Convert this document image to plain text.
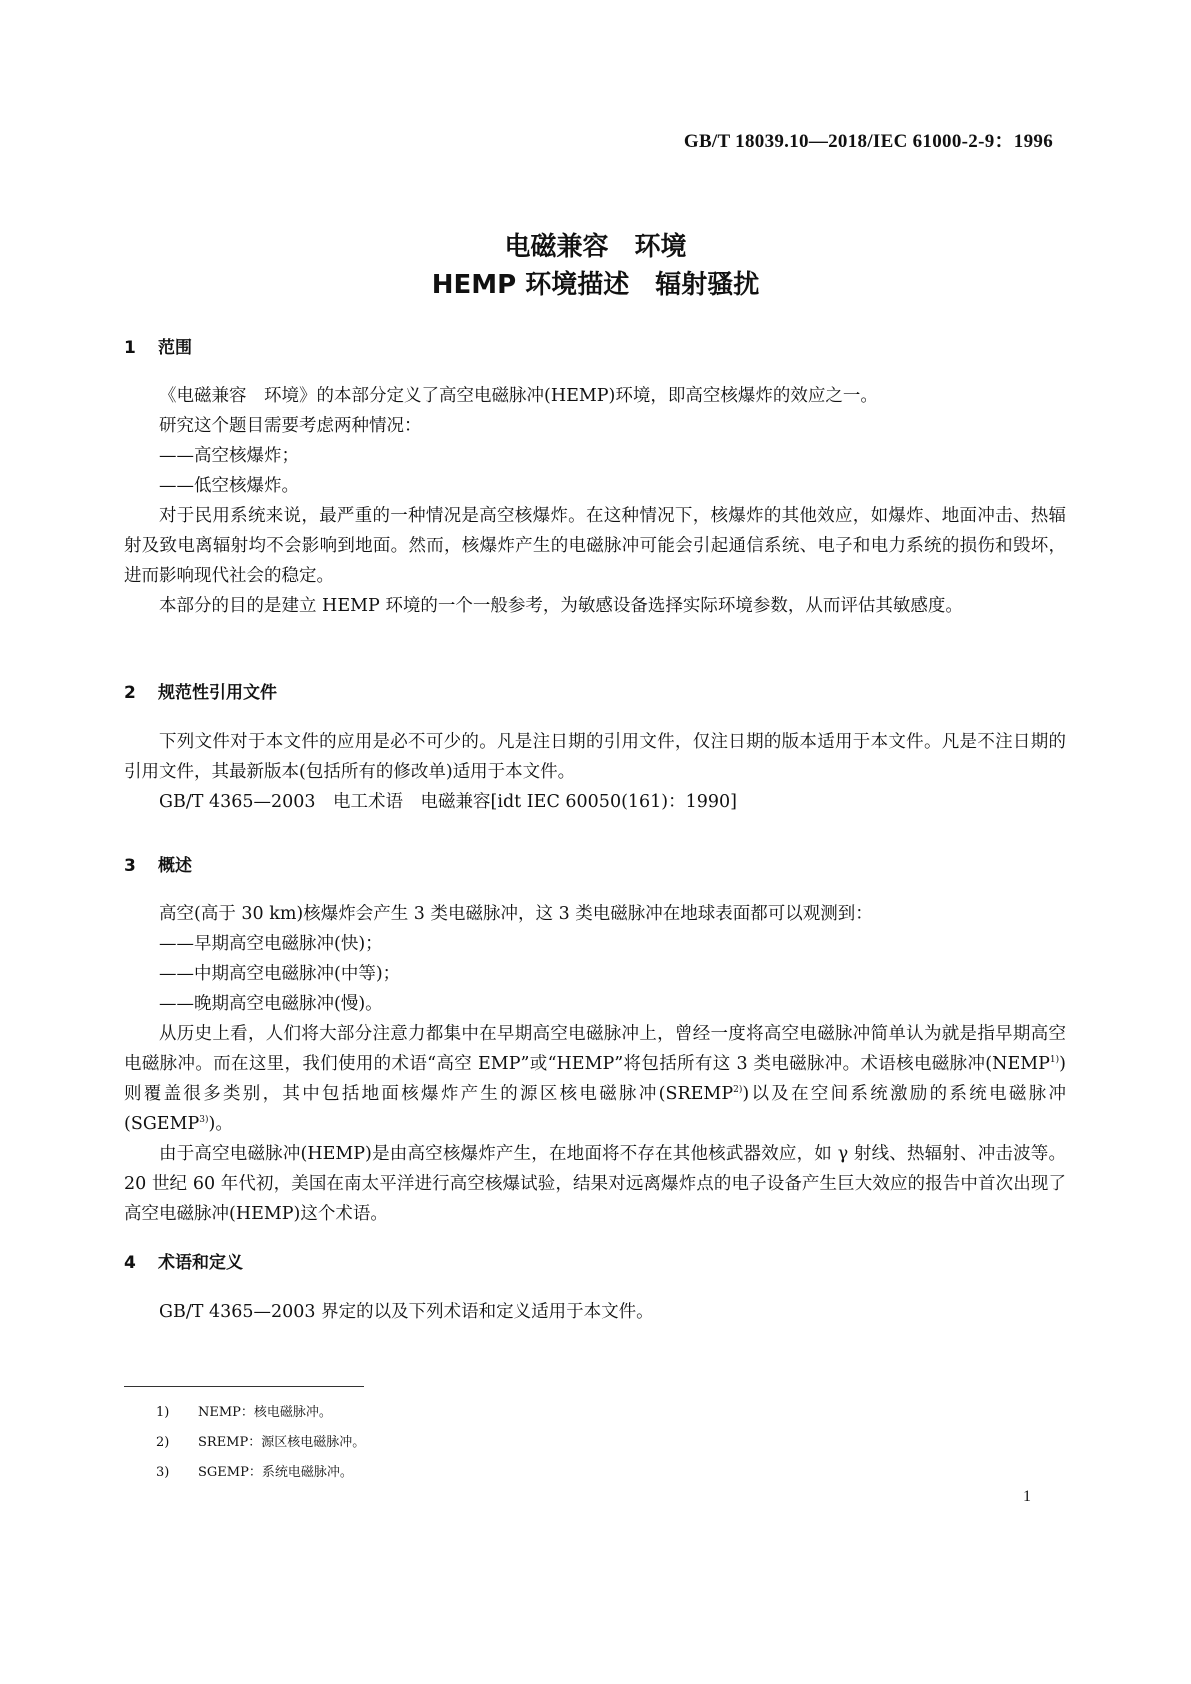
GB/T 18039.10—2018/IEC 61000-2-9：1996
电磁兼容　环境
HEMP 环境描述　辐射骚扰
1 范围

《电磁兼容　环境》的本部分定义了高空电磁脉冲(HEMP)环境，即高空核爆炸的效应之一。

研究这个题目需要考虑两种情况：

——高空核爆炸；

——低空核爆炸。

对于民用系统来说，最严重的一种情况是高空核爆炸。在这种情况下，核爆炸的其他效应，如爆炸、地面冲击、热辐射及致电离辐射均不会影响到地面。然而，核爆炸产生的电磁脉冲可能会引起通信系统、电子和电力系统的损伤和毁坏，进而影响现代社会的稳定。

本部分的目的是建立 HEMP 环境的一个一般参考，为敏感设备选择实际环境参数，从而评估其敏感度。

2 规范性引用文件

下列文件对于本文件的应用是必不可少的。凡是注日期的引用文件，仅注日期的版本适用于本文件。凡是不注日期的引用文件，其最新版本(包括所有的修改单)适用于本文件。

GB/T 4365—2003　电工术语　电磁兼容[idt IEC 60050(161)：1990]

3 概述

高空(高于 30 km)核爆炸会产生 3 类电磁脉冲，这 3 类电磁脉冲在地球表面都可以观测到：

——早期高空电磁脉冲(快)；

——中期高空电磁脉冲(中等)；

——晚期高空电磁脉冲(慢)。

从历史上看，人们将大部分注意力都集中在早期高空电磁脉冲上，曾经一度将高空电磁脉冲简单认为就是指早期高空电磁脉冲。而在这里，我们使用的术语“高空 EMP”或“HEMP”将包括所有这 3 类电磁脉冲。术语核电磁脉冲(NEMP$^{1)}$)则覆盖很多类别，其中包括地面核爆炸产生的源区核电磁脉冲(SREMP$^{2)}$)以及在空间系统激励的系统电磁脉冲(SGEMP$^{3)}$)。

由于高空电磁脉冲(HEMP)是由高空核爆炸产生，在地面将不存在其他核武器效应，如 γ 射线、热辐射、冲击波等。20 世纪 60 年代初，美国在南太平洋进行高空核爆试验，结果对远离爆炸点的电子设备产生巨大效应的报告中首次出现了高空电磁脉冲(HEMP)这个术语。

4 术语和定义

GB/T 4365—2003 界定的以及下列术语和定义适用于本文件。

1) NEMP：核电磁脉冲。
2) SREMP：源区核电磁脉冲。
3) SGEMP：系统电磁脉冲。
1
